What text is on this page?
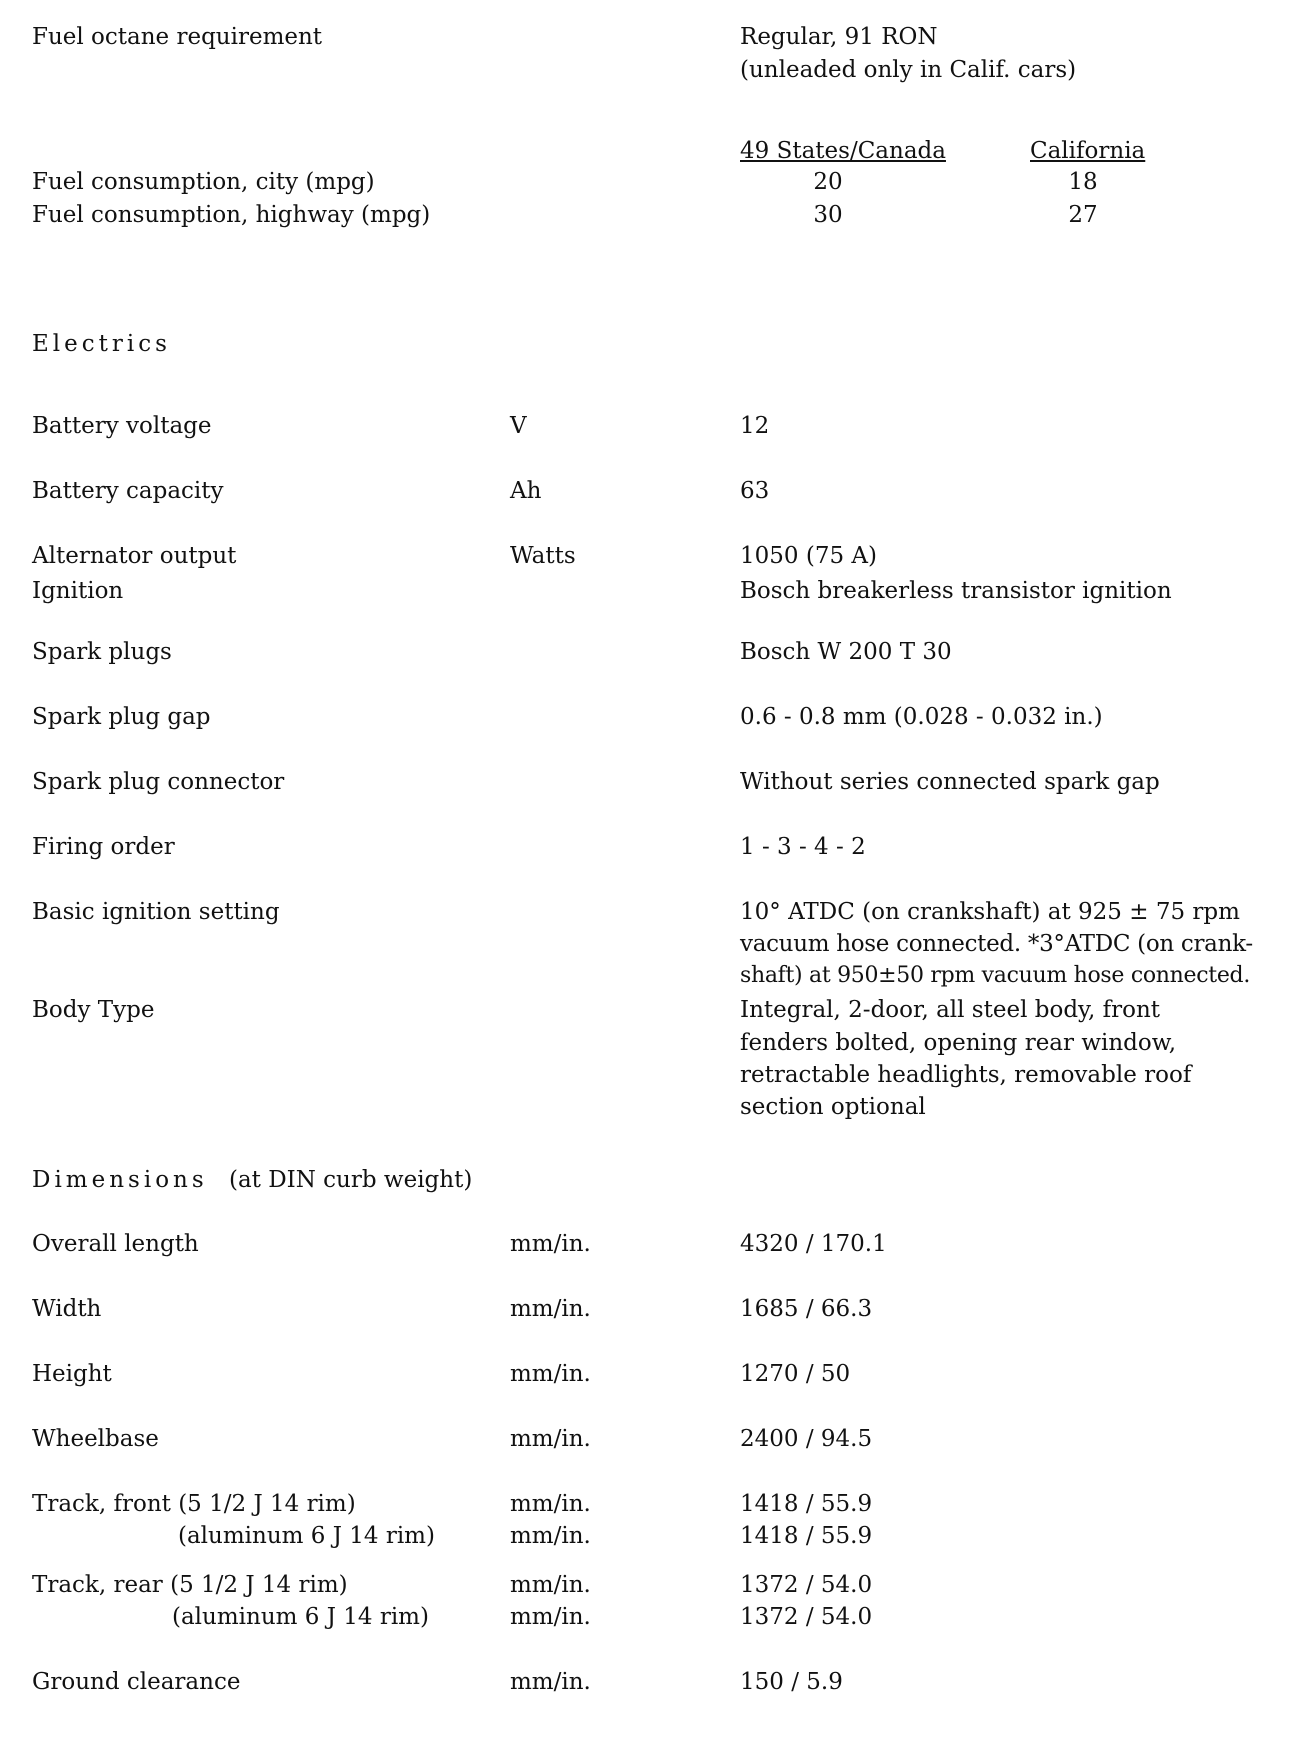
Fuel octane requirement	Regular, 91 RON
(unleaded only in Calif. cars)
49 States/Canada	California
Fuel consumption, city (mpg)	20	18
Fuel consumption, highway (mpg)	30	27
Electrics
Battery voltage	V	12
Battery capacity	Ah	63
Alternator output	Watts	1050 (75 A)
Ignition	Bosch breakerless transistor ignition
Spark plugs	Bosch W 200 T 30
Spark plug gap	0.6 - 0.8 mm (0.028 - 0.032 in.)
Spark plug connector	Without series connected spark gap
Firing order	1 - 3 - 4 - 2
Basic ignition setting	10° ATDC (on crankshaft) at 925 ± 75 rpm
vacuum hose connected. *3°ATDC (on crank-
shaft) at 950±50 rpm vacuum hose connected.
Body Type	Integral, 2-door, all steel body, front
fenders bolted, opening rear window,
retractable headlights, removable roof
section optional
Dimensions (at DIN curb weight)
Overall length	mm/in.	4320 / 170.1
Width	mm/in.	1685 / 66.3
Height	mm/in.	1270 / 50
Wheelbase	mm/in.	2400 / 94.5
Track, front (5 1/2 J 14 rim)	mm/in.	1418 / 55.9
(aluminum 6 J 14 rim)	mm/in.	1418 / 55.9
Track, rear (5 1/2 J 14 rim)	mm/in.	1372 / 54.0
(aluminum 6 J 14 rim)	mm/in.	1372 / 54.0
Ground clearance	mm/in.	150 / 5.9
